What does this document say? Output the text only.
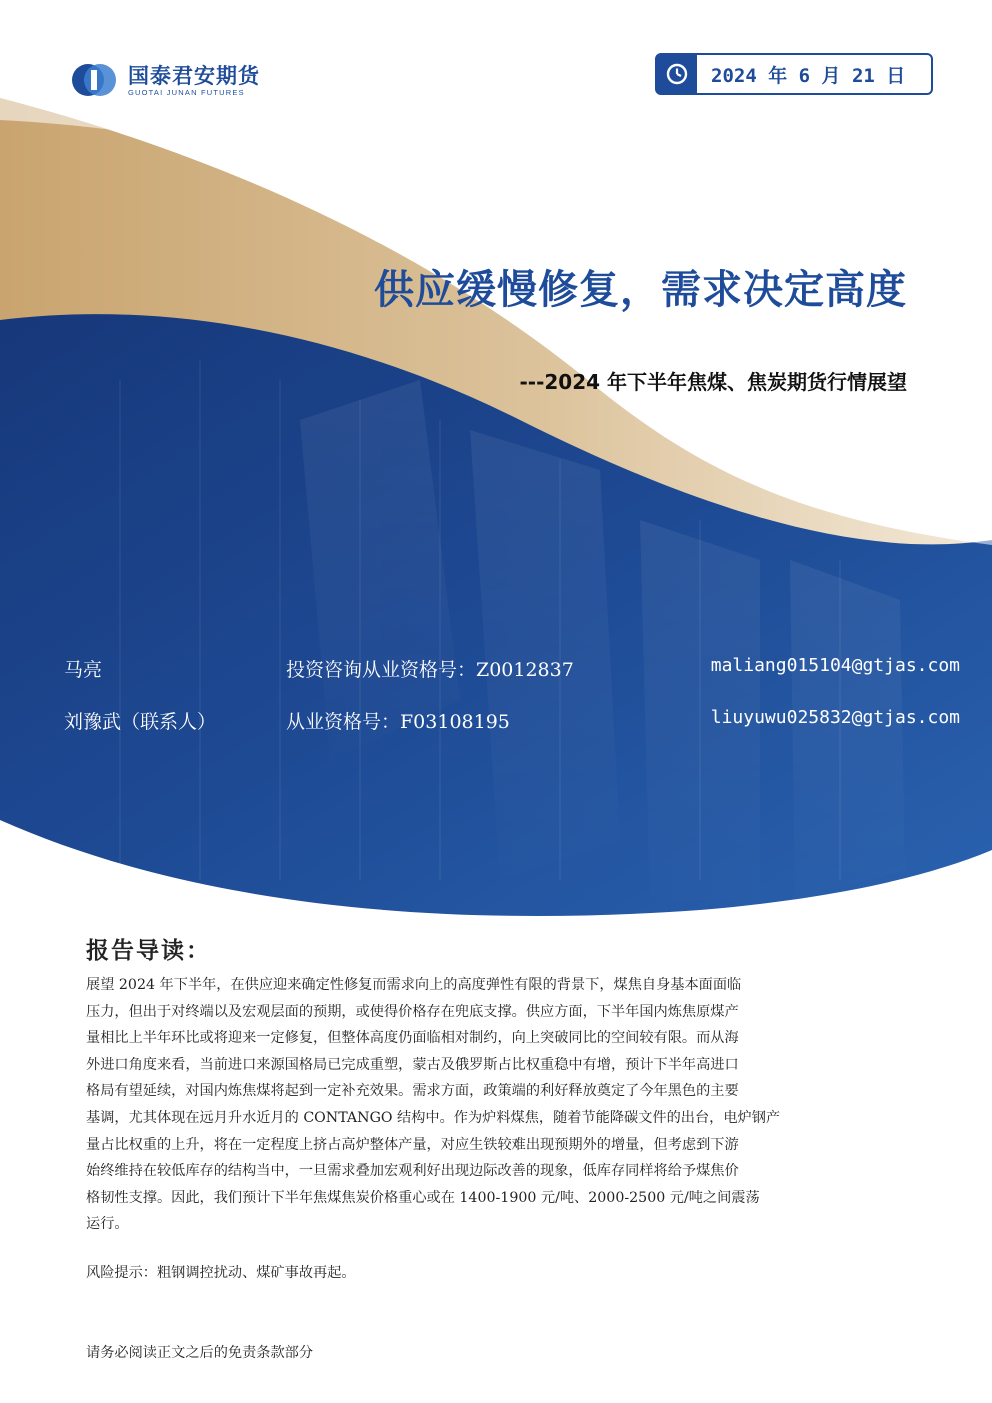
国泰君安期货
GUOTAI JUNAN FUTURES
2024 年 6 月 21 日
供应缓慢修复，需求决定高度
---2024 年下半年焦煤、焦炭期货行情展望
马亮	投资咨询从业资格号：Z0012837	maliang015104@gtjas.com
刘豫武（联系人）	从业资格号：F03108195	liuyuwu025832@gtjas.com
报告导读：
展望 2024 年下半年，在供应迎来确定性修复而需求向上的高度弹性有限的背景下，煤焦自身基本面面临
压力，但出于对终端以及宏观层面的预期，或使得价格存在兜底支撑。供应方面，下半年国内炼焦原煤产
量相比上半年环比或将迎来一定修复，但整体高度仍面临相对制约，向上突破同比的空间较有限。而从海
外进口角度来看，当前进口来源国格局已完成重塑，蒙古及俄罗斯占比权重稳中有增，预计下半年高进口
格局有望延续，对国内炼焦煤将起到一定补充效果。需求方面，政策端的利好释放奠定了今年黑色的主要
基调，尤其体现在远月升水近月的 CONTANGO 结构中。作为炉料煤焦，随着节能降碳文件的出台，电炉钢产
量占比权重的上升，将在一定程度上挤占高炉整体产量，对应生铁较难出现预期外的增量，但考虑到下游
始终维持在较低库存的结构当中，一旦需求叠加宏观利好出现边际改善的现象，低库存同样将给予煤焦价
格韧性支撑。因此，我们预计下半年焦煤焦炭价格重心或在 1400-1900 元/吨、2000-2500 元/吨之间震荡
运行。
风险提示：粗钢调控扰动、煤矿事故再起。
请务必阅读正文之后的免责条款部分
